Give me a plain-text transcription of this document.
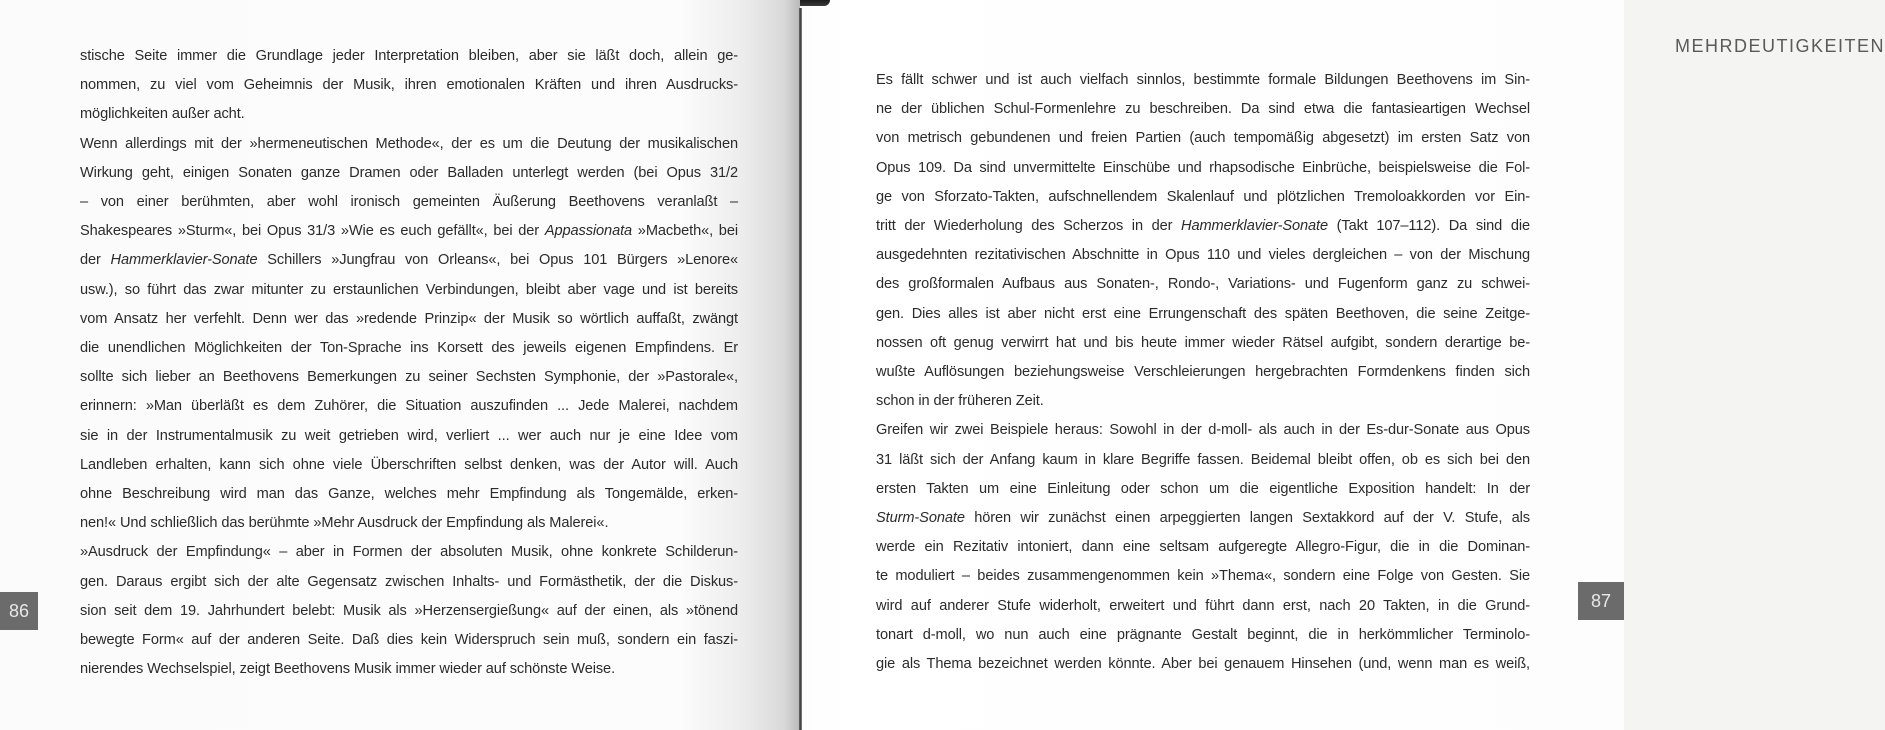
stische Seite immer die Grundlage jeder Interpretation bleiben, aber sie läßt doch, allein ge-
nommen, zu viel vom Geheimnis der Musik, ihren emotionalen Kräften und ihren Ausdrucks-
möglichkeiten außer acht.
Wenn allerdings mit der »hermeneutischen Methode«, der es um die Deutung der musikalischen
Wirkung geht, einigen Sonaten ganze Dramen oder Balladen unterlegt werden (bei Opus 31/2
– von einer berühmten, aber wohl ironisch gemeinten Äußerung Beethovens veranlaßt –
Shakespeares »Sturm«, bei Opus 31/3 »Wie es euch gefällt«, bei der Appassionata »Macbeth«, bei
der Hammerklavier-Sonate Schillers »Jungfrau von Orleans«, bei Opus 101 Bürgers »Lenore«
usw.), so führt das zwar mitunter zu erstaunlichen Verbindungen, bleibt aber vage und ist bereits
vom Ansatz her verfehlt. Denn wer das »redende Prinzip« der Musik so wörtlich auffaßt, zwängt
die unendlichen Möglichkeiten der Ton-Sprache ins Korsett des jeweils eigenen Empfindens. Er
sollte sich lieber an Beethovens Bemerkungen zu seiner Sechsten Symphonie, der »Pastorale«,
erinnern: »Man überläßt es dem Zuhörer, die Situation auszufinden ... Jede Malerei, nachdem
sie in der Instrumentalmusik zu weit getrieben wird, verliert ... wer auch nur je eine Idee vom
Landleben erhalten, kann sich ohne viele Überschriften selbst denken, was der Autor will. Auch
ohne Beschreibung wird man das Ganze, welches mehr Empfindung als Tongemälde, erken-
nen!« Und schließlich das berühmte »Mehr Ausdruck der Empfindung als Malerei«.
»Ausdruck der Empfindung« – aber in Formen der absoluten Musik, ohne konkrete Schilderun-
gen. Daraus ergibt sich der alte Gegensatz zwischen Inhalts- und Formästhetik, der die Diskus-
sion seit dem 19. Jahrhundert belebt: Musik als »Herzensergießung« auf der einen, als »tönend
bewegte Form« auf der anderen Seite. Daß dies kein Widerspruch sein muß, sondern ein faszi-
nierendes Wechselspiel, zeigt Beethovens Musik immer wieder auf schönste Weise.
86
MEHRDEUTIGKEITEN
87
Es fällt schwer und ist auch vielfach sinnlos, bestimmte formale Bildungen Beethovens im Sin-
ne der üblichen Schul-Formenlehre zu beschreiben. Da sind etwa die fantasieartigen Wechsel
von metrisch gebundenen und freien Partien (auch tempomäßig abgesetzt) im ersten Satz von
Opus 109. Da sind unvermittelte Einschübe und rhapsodische Einbrüche, beispielsweise die Fol-
ge von Sforzato-Takten, aufschnellendem Skalenlauf und plötzlichen Tremoloakkorden vor Ein-
tritt der Wiederholung des Scherzos in der Hammerklavier-Sonate (Takt 107–112). Da sind die
ausgedehnten rezitativischen Abschnitte in Opus 110 und vieles dergleichen – von der Mischung
des großformalen Aufbaus aus Sonaten-, Rondo-, Variations- und Fugenform ganz zu schwei-
gen. Dies alles ist aber nicht erst eine Errungenschaft des späten Beethoven, die seine Zeitge-
nossen oft genug verwirrt hat und bis heute immer wieder Rätsel aufgibt, sondern derartige be-
wußte Auflösungen beziehungsweise Verschleierungen hergebrachten Formdenkens finden sich
schon in der früheren Zeit.
Greifen wir zwei Beispiele heraus: Sowohl in der d-moll- als auch in der Es-dur-Sonate aus Opus
31 läßt sich der Anfang kaum in klare Begriffe fassen. Beidemal bleibt offen, ob es sich bei den
ersten Takten um eine Einleitung oder schon um die eigentliche Exposition handelt: In der
Sturm-Sonate hören wir zunächst einen arpeggierten langen Sextakkord auf der V. Stufe, als
werde ein Rezitativ intoniert, dann eine seltsam aufgeregte Allegro-Figur, die in die Dominan-
te moduliert – beides zusammengenommen kein »Thema«, sondern eine Folge von Gesten. Sie
wird auf anderer Stufe widerholt, erweitert und führt dann erst, nach 20 Takten, in die Grund-
tonart d-moll, wo nun auch eine prägnante Gestalt beginnt, die in herkömmlicher Terminolo-
gie als Thema bezeichnet werden könnte. Aber bei genauem Hinsehen (und, wenn man es weiß,
